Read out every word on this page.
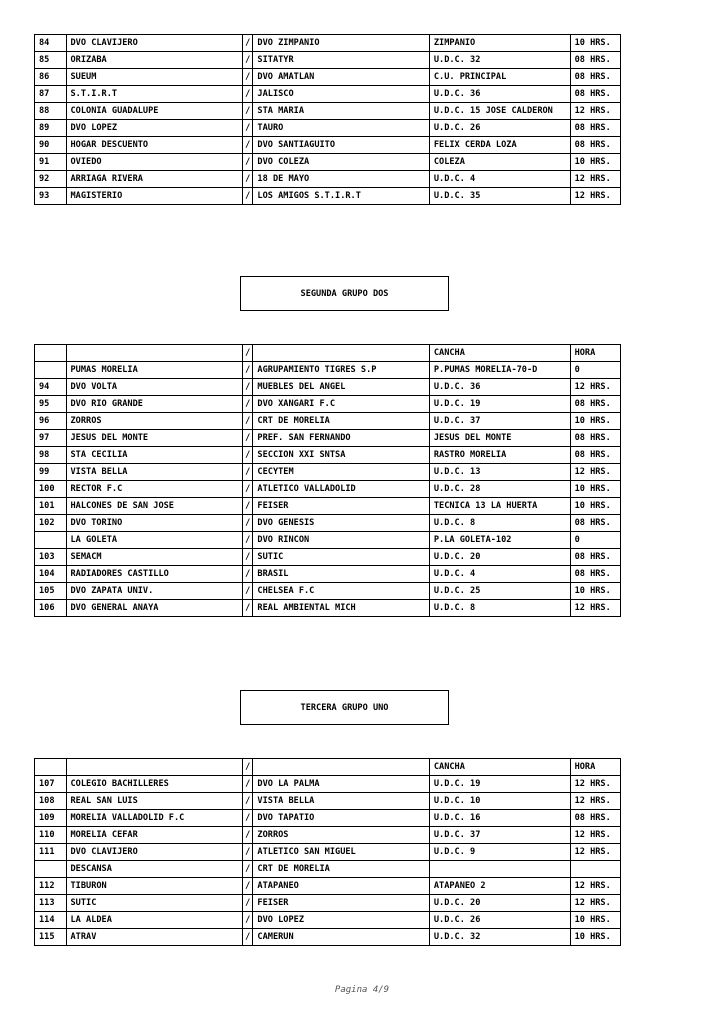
84	DVO CLAVIJERO	/	DVO ZIMPANIO	ZIMPANIO	10 HRS.
85	ORIZABA	/	SITATYR	U.D.C. 32	08 HRS.
86	SUEUM	/	DVO AMATLAN	C.U. PRINCIPAL	08 HRS.
87	S.T.I.R.T	/	JALISCO	U.D.C. 36	08 HRS.
88	COLONIA GUADALUPE	/	STA MARIA	U.D.C. 15 JOSE CALDERON	12 HRS.
89	DVO LOPEZ	/	TAURO	U.D.C. 26	08 HRS.
90	HOGAR DESCUENTO	/	DVO SANTIAGUITO	FELIX CERDA LOZA	08 HRS.
91	OVIEDO	/	DVO COLEZA	COLEZA	10 HRS.
92	ARRIAGA RIVERA	/	18 DE MAYO	U.D.C. 4	12 HRS.
93	MAGISTERIO	/	LOS AMIGOS S.T.I.R.T	U.D.C. 35	12 HRS.
SEGUNDA GRUPO DOS
		/		CANCHA	HORA
	PUMAS MORELIA	/	AGRUPAMIENTO TIGRES S.P	P.PUMAS MORELIA-70-D	0
94	DVO VOLTA	/	MUEBLES DEL ANGEL	U.D.C. 36	12 HRS.
95	DVO RIO GRANDE	/	DVO XANGARI F.C	U.D.C. 19	08 HRS.
96	ZORROS	/	CRT DE MORELIA	U.D.C. 37	10 HRS.
97	JESUS DEL MONTE	/	PREF. SAN FERNANDO	JESUS DEL MONTE	08 HRS.
98	STA CECILIA	/	SECCION XXI SNTSA	RASTRO MORELIA	08 HRS.
99	VISTA BELLA	/	CECYTEM	U.D.C. 13	12 HRS.
100	RECTOR F.C	/	ATLETICO VALLADOLID	U.D.C. 28	10 HRS.
101	HALCONES DE SAN JOSE	/	FEISER	TECNICA 13 LA HUERTA	10 HRS.
102	DVO TORINO	/	DVO GENESIS	U.D.C. 8	08 HRS.
	LA GOLETA	/	DVO RINCON	P.LA GOLETA-102	0
103	SEMACM	/	SUTIC	U.D.C. 20	08 HRS.
104	RADIADORES CASTILLO	/	BRASIL	U.D.C. 4	08 HRS.
105	DVO ZAPATA UNIV.	/	CHELSEA F.C	U.D.C. 25	10 HRS.
106	DVO GENERAL ANAYA	/	REAL AMBIENTAL MICH	U.D.C. 8	12 HRS.
TERCERA GRUPO UNO
		/		CANCHA	HORA
107	COLEGIO BACHILLERES	/	DVO LA PALMA	U.D.C. 19	12 HRS.
108	REAL SAN LUIS	/	VISTA BELLA	U.D.C. 10	12 HRS.
109	MORELIA VALLADOLID F.C	/	DVO TAPATIO	U.D.C. 16	08 HRS.
110	MORELIA CEFAR	/	ZORROS	U.D.C. 37	12 HRS.
111	DVO CLAVIJERO	/	ATLETICO SAN MIGUEL	U.D.C. 9	12 HRS.
	DESCANSA	/	CRT DE MORELIA		
112	TIBURON	/	ATAPANEO	ATAPANEO 2	12 HRS.
113	SUTIC	/	FEISER	U.D.C. 20	12 HRS.
114	LA ALDEA	/	DVO LOPEZ	U.D.C. 26	10 HRS.
115	ATRAV	/	CAMERUN	U.D.C. 32	10 HRS.
Pagina 4/9
